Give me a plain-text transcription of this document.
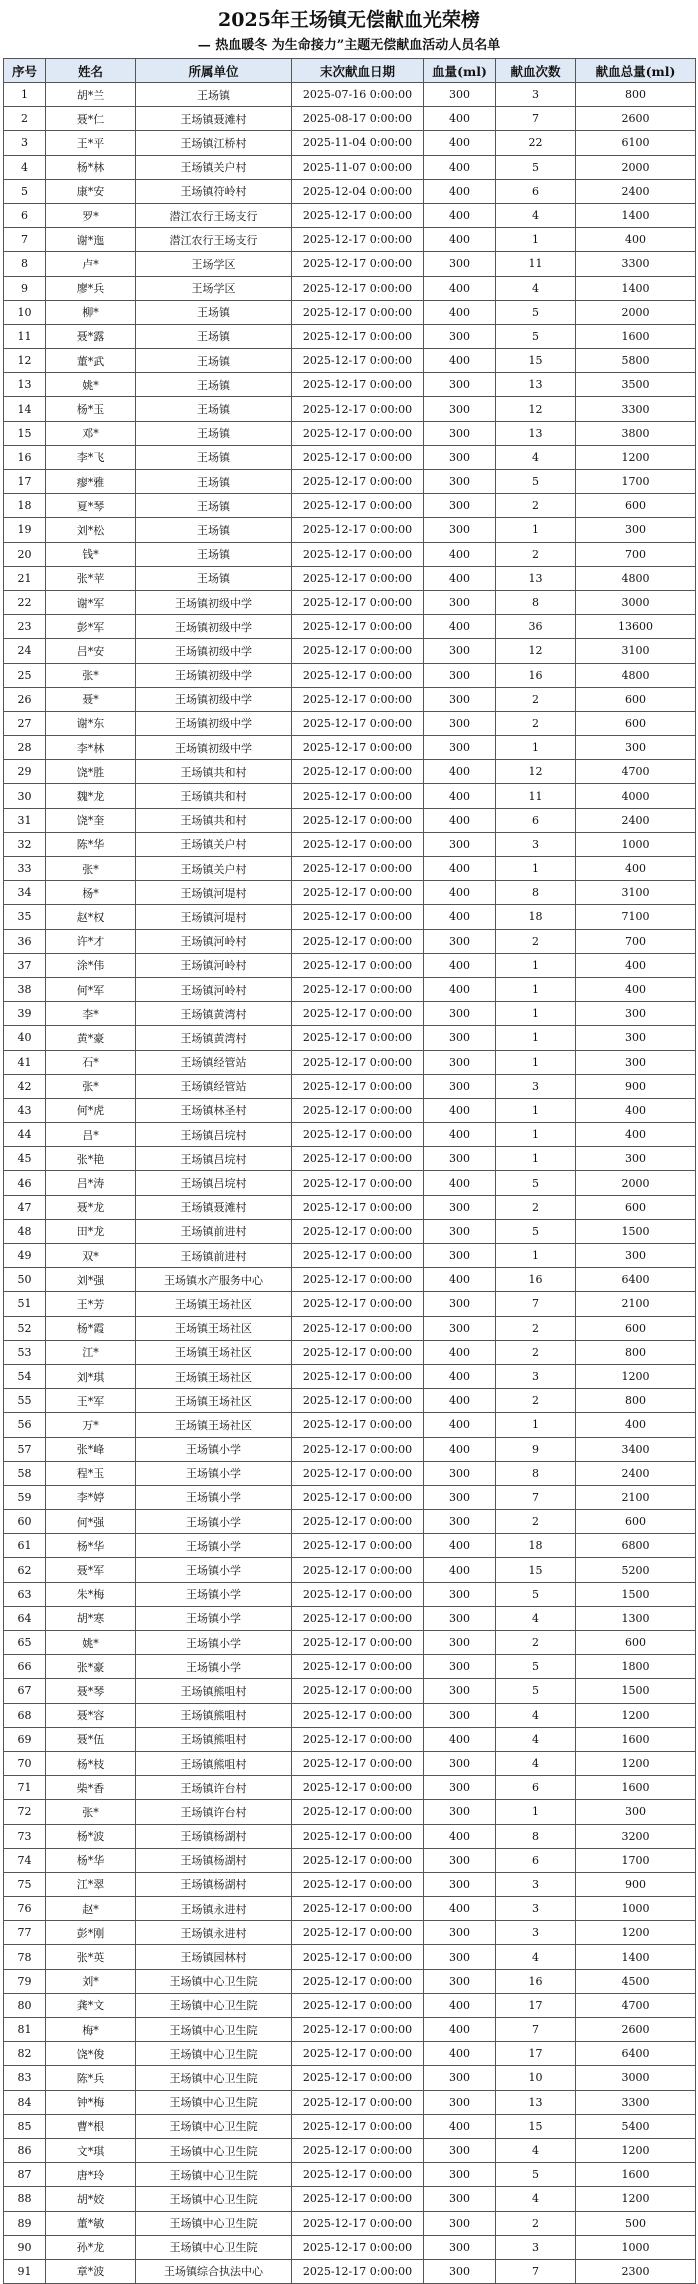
2025年王场镇无偿献血光荣榜
— 热血暖冬 为生命接力”主题无偿献血活动人员名单
序号	姓名	所属单位	末次献血日期	血量(ml)	献血次数	献血总量(ml)
1	胡*兰	王场镇	2025-07-16 0:00:00	300	3	800
2	聂*仁	王场镇聂滩村	2025-08-17 0:00:00	400	7	2600
3	王*平	王场镇江桥村	2025-11-04 0:00:00	400	22	6100
4	杨*林	王场镇关户村	2025-11-07 0:00:00	400	5	2000
5	康*安	王场镇符岭村	2025-12-04 0:00:00	400	6	2400
6	罗*	潜江农行王场支行	2025-12-17 0:00:00	400	4	1400
7	谢*迤	潜江农行王场支行	2025-12-17 0:00:00	400	1	400
8	卢*	王场学区	2025-12-17 0:00:00	300	11	3300
9	廖*兵	王场学区	2025-12-17 0:00:00	400	4	1400
10	柳*	王场镇	2025-12-17 0:00:00	400	5	2000
11	聂*露	王场镇	2025-12-17 0:00:00	300	5	1600
12	董*武	王场镇	2025-12-17 0:00:00	400	15	5800
13	姚*	王场镇	2025-12-17 0:00:00	300	13	3500
14	杨*玉	王场镇	2025-12-17 0:00:00	300	12	3300
15	邓*	王场镇	2025-12-17 0:00:00	300	13	3800
16	李*飞	王场镇	2025-12-17 0:00:00	300	4	1200
17	瘳*雅	王场镇	2025-12-17 0:00:00	300	5	1700
18	夏*琴	王场镇	2025-12-17 0:00:00	300	2	600
19	刘*松	王场镇	2025-12-17 0:00:00	300	1	300
20	钱*	王场镇	2025-12-17 0:00:00	400	2	700
21	张*苹	王场镇	2025-12-17 0:00:00	400	13	4800
22	谢*军	王场镇初级中学	2025-12-17 0:00:00	300	8	3000
23	彭*军	王场镇初级中学	2025-12-17 0:00:00	400	36	13600
24	吕*安	王场镇初级中学	2025-12-17 0:00:00	300	12	3100
25	张*	王场镇初级中学	2025-12-17 0:00:00	300	16	4800
26	聂*	王场镇初级中学	2025-12-17 0:00:00	300	2	600
27	谢*东	王场镇初级中学	2025-12-17 0:00:00	300	2	600
28	李*林	王场镇初级中学	2025-12-17 0:00:00	300	1	300
29	饶*胜	王场镇共和村	2025-12-17 0:00:00	400	12	4700
30	魏*龙	王场镇共和村	2025-12-17 0:00:00	400	11	4000
31	饶*奎	王场镇共和村	2025-12-17 0:00:00	400	6	2400
32	陈*华	王场镇关户村	2025-12-17 0:00:00	300	3	1000
33	张*	王场镇关户村	2025-12-17 0:00:00	400	1	400
34	杨*	王场镇河堤村	2025-12-17 0:00:00	400	8	3100
35	赵*权	王场镇河堤村	2025-12-17 0:00:00	400	18	7100
36	许*才	王场镇河岭村	2025-12-17 0:00:00	300	2	700
37	涂*伟	王场镇河岭村	2025-12-17 0:00:00	400	1	400
38	何*军	王场镇河岭村	2025-12-17 0:00:00	400	1	400
39	李*	王场镇黄湾村	2025-12-17 0:00:00	300	1	300
40	黄*豪	王场镇黄湾村	2025-12-17 0:00:00	300	1	300
41	石*	王场镇经管站	2025-12-17 0:00:00	300	1	300
42	张*	王场镇经管站	2025-12-17 0:00:00	300	3	900
43	何*虎	王场镇林圣村	2025-12-17 0:00:00	400	1	400
44	吕*	王场镇吕垸村	2025-12-17 0:00:00	400	1	400
45	张*艳	王场镇吕垸村	2025-12-17 0:00:00	300	1	300
46	吕*涛	王场镇吕垸村	2025-12-17 0:00:00	400	5	2000
47	聂*龙	王场镇聂滩村	2025-12-17 0:00:00	300	2	600
48	田*龙	王场镇前进村	2025-12-17 0:00:00	300	5	1500
49	双*	王场镇前进村	2025-12-17 0:00:00	300	1	300
50	刘*强	王场镇水产服务中心	2025-12-17 0:00:00	400	16	6400
51	王*芳	王场镇王场社区	2025-12-17 0:00:00	300	7	2100
52	杨*霞	王场镇王场社区	2025-12-17 0:00:00	300	2	600
53	江*	王场镇王场社区	2025-12-17 0:00:00	400	2	800
54	刘*琪	王场镇王场社区	2025-12-17 0:00:00	400	3	1200
55	王*军	王场镇王场社区	2025-12-17 0:00:00	400	2	800
56	万*	王场镇王场社区	2025-12-17 0:00:00	400	1	400
57	张*峰	王场镇小学	2025-12-17 0:00:00	400	9	3400
58	程*玉	王场镇小学	2025-12-17 0:00:00	300	8	2400
59	李*婷	王场镇小学	2025-12-17 0:00:00	300	7	2100
60	何*强	王场镇小学	2025-12-17 0:00:00	300	2	600
61	杨*华	王场镇小学	2025-12-17 0:00:00	400	18	6800
62	聂*军	王场镇小学	2025-12-17 0:00:00	400	15	5200
63	朱*梅	王场镇小学	2025-12-17 0:00:00	300	5	1500
64	胡*寒	王场镇小学	2025-12-17 0:00:00	300	4	1300
65	姚*	王场镇小学	2025-12-17 0:00:00	300	2	600
66	张*豪	王场镇小学	2025-12-17 0:00:00	300	5	1800
67	聂*琴	王场镇熊咀村	2025-12-17 0:00:00	300	5	1500
68	聂*容	王场镇熊咀村	2025-12-17 0:00:00	300	4	1200
69	聂*伍	王场镇熊咀村	2025-12-17 0:00:00	400	4	1600
70	杨*枝	王场镇熊咀村	2025-12-17 0:00:00	300	4	1200
71	柴*香	王场镇许台村	2025-12-17 0:00:00	300	6	1600
72	张*	王场镇许台村	2025-12-17 0:00:00	300	1	300
73	杨*波	王场镇杨湖村	2025-12-17 0:00:00	400	8	3200
74	杨*华	王场镇杨湖村	2025-12-17 0:00:00	300	6	1700
75	江*翠	王场镇杨湖村	2025-12-17 0:00:00	300	3	900
76	赵*	王场镇永进村	2025-12-17 0:00:00	400	3	1000
77	彭*刚	王场镇永进村	2025-12-17 0:00:00	300	3	1200
78	张*英	王场镇园林村	2025-12-17 0:00:00	300	4	1400
79	刘*	王场镇中心卫生院	2025-12-17 0:00:00	300	16	4500
80	龚*文	王场镇中心卫生院	2025-12-17 0:00:00	400	17	4700
81	梅*	王场镇中心卫生院	2025-12-17 0:00:00	400	7	2600
82	饶*俊	王场镇中心卫生院	2025-12-17 0:00:00	400	17	6400
83	陈*兵	王场镇中心卫生院	2025-12-17 0:00:00	300	10	3000
84	钟*梅	王场镇中心卫生院	2025-12-17 0:00:00	300	13	3300
85	曹*根	王场镇中心卫生院	2025-12-17 0:00:00	400	15	5400
86	文*琪	王场镇中心卫生院	2025-12-17 0:00:00	300	4	1200
87	唐*玲	王场镇中心卫生院	2025-12-17 0:00:00	300	5	1600
88	胡*姣	王场镇中心卫生院	2025-12-17 0:00:00	300	4	1200
89	董*敏	王场镇中心卫生院	2025-12-17 0:00:00	300	2	500
90	孙*龙	王场镇中心卫生院	2025-12-17 0:00:00	300	3	1000
91	章*波	王场镇综合执法中心	2025-12-17 0:00:00	300	7	2300
